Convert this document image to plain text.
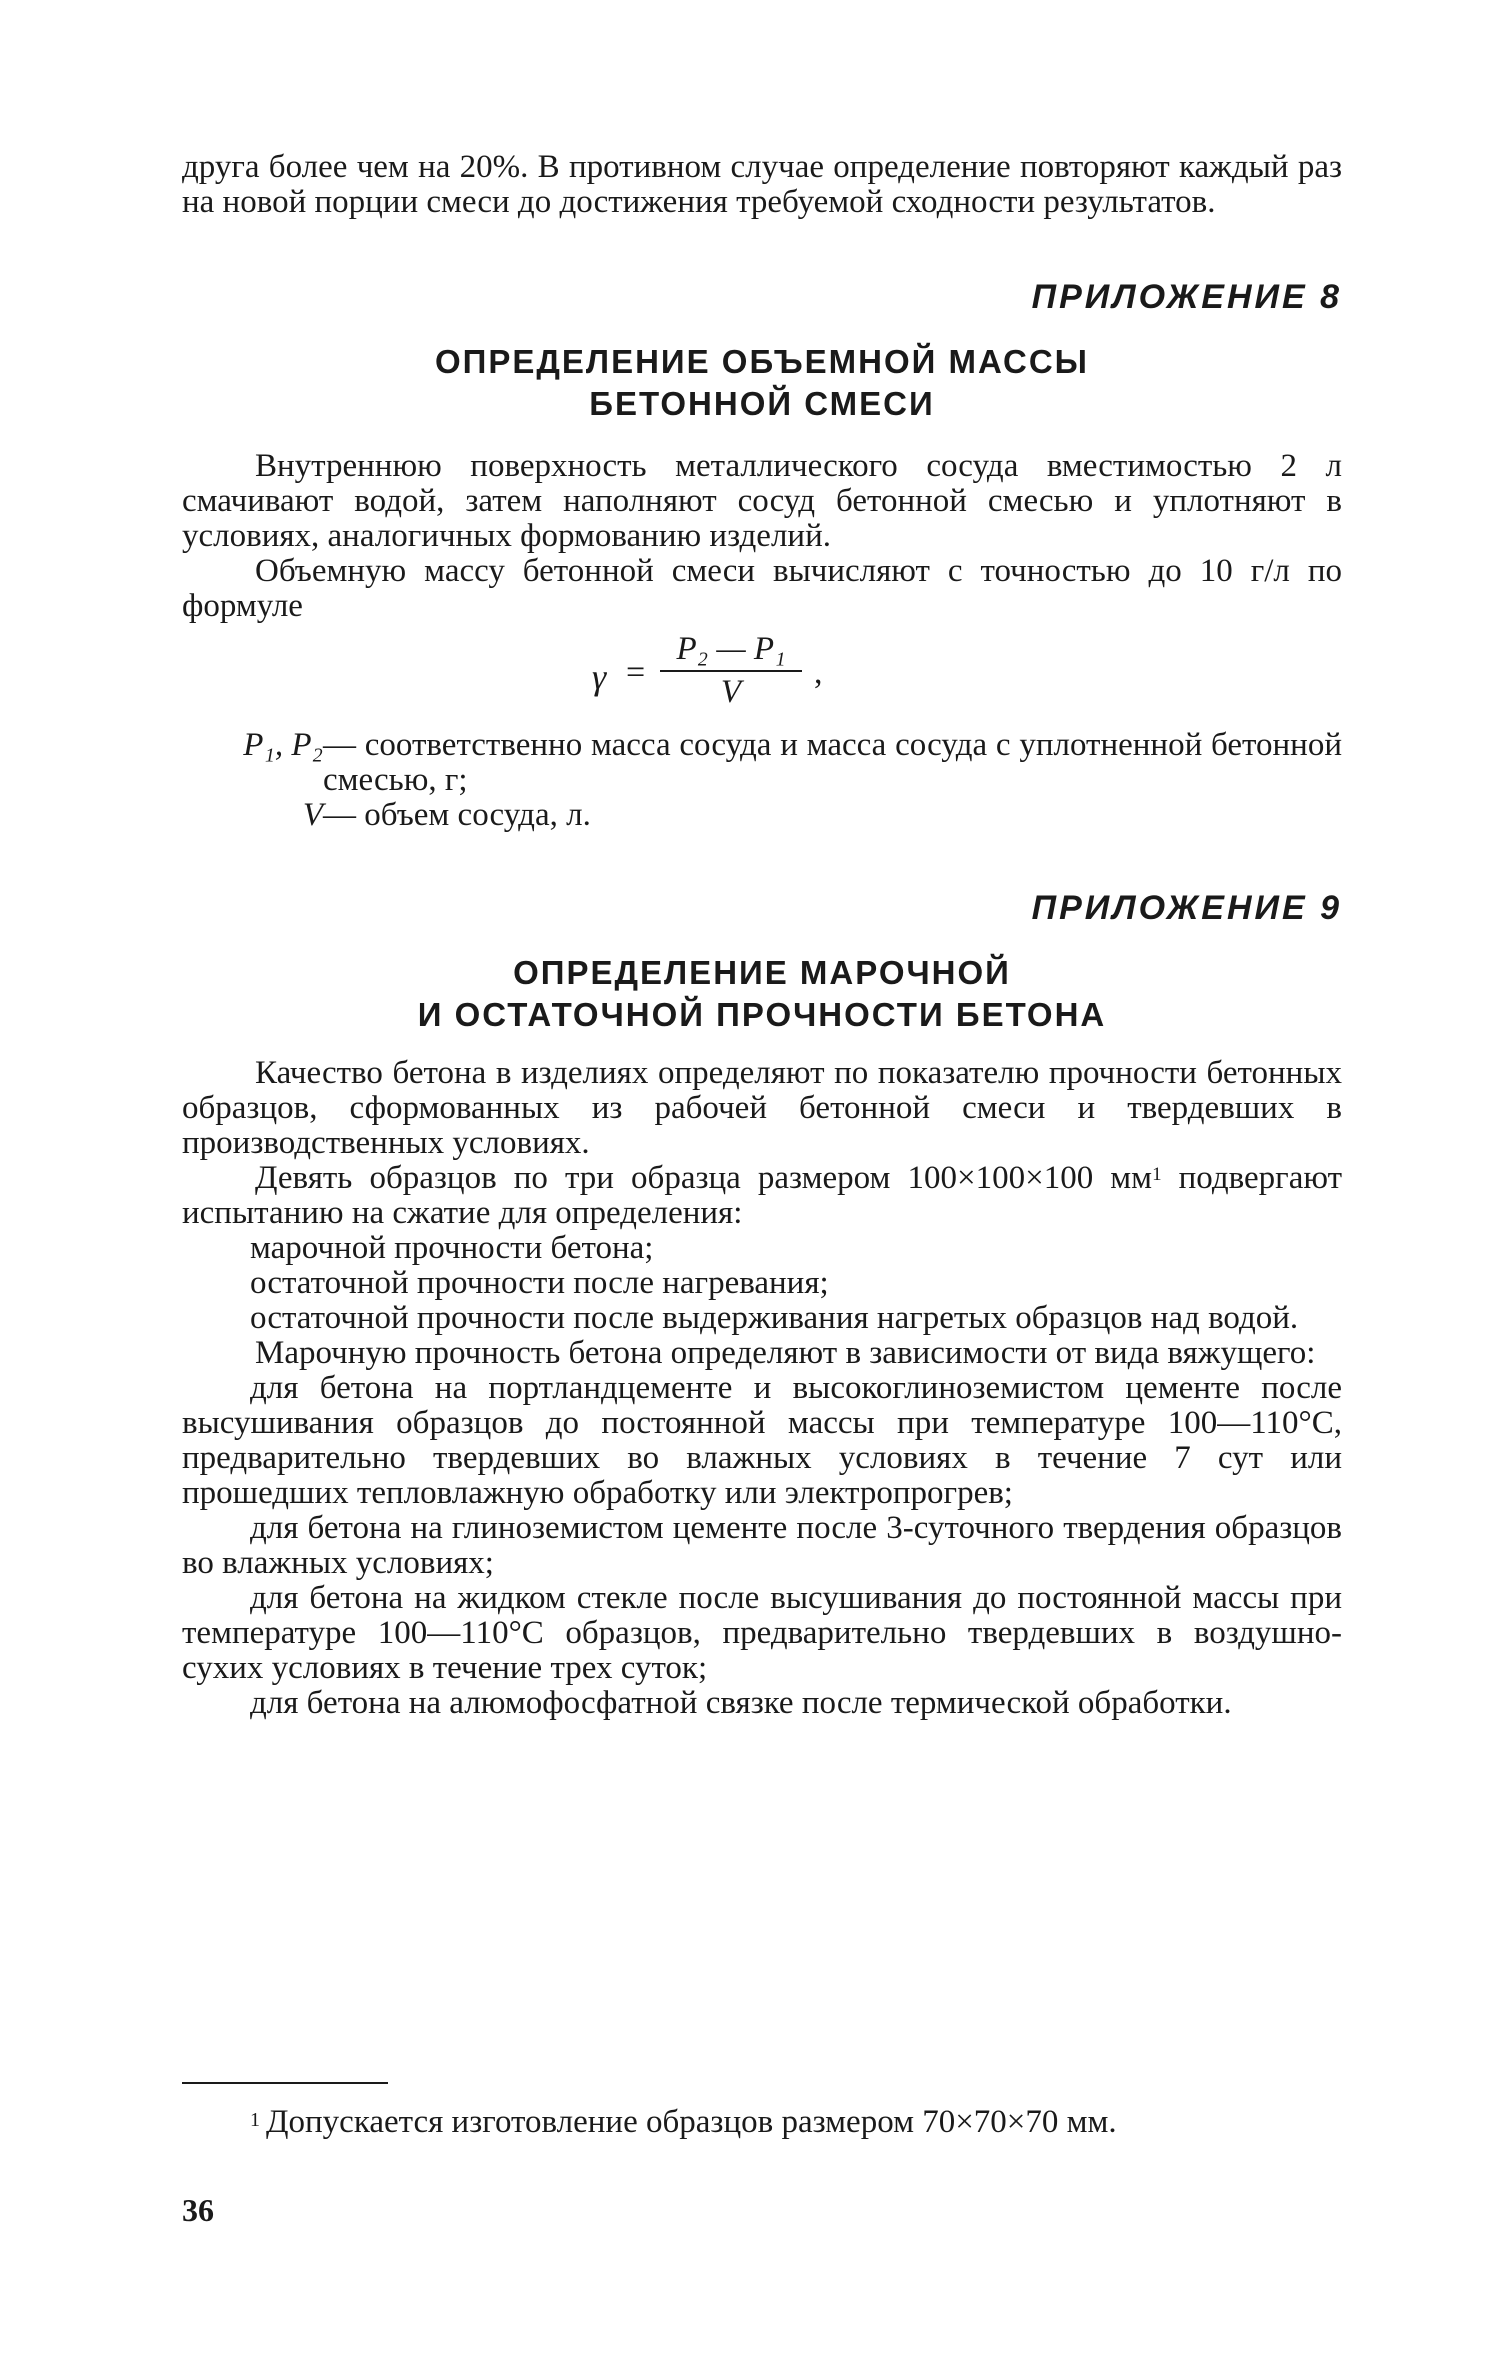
друга более чем на 20%. В противном случае определение повторяют каждый раз на новой порции смеси до достижения требуемой сходности результатов.

ПРИЛОЖЕНИЕ 8

ОПРЕДЕЛЕНИЕ ОБЪЕМНОЙ МАССЫ

БЕТОННОЙ СМЕСИ

Внутреннюю поверхность металлического сосуда вместимостью 2 л смачивают водой, затем наполняют сосуд бетонной смесью и уплотняют в условиях, аналогичных формованию изделий.

Объемную массу бетонной смеси вычисляют с точностью до 10 г/л по формуле

$\gamma = \frac{\text{P₂ — P₁}}{V}$ ,
P₁, P₂ — соответственно масса сосуда и масса сосуда с уплотненной бетонной смесью, г;
V — объем сосуда, л.

ПРИЛОЖЕНИЕ 9

ОПРЕДЕЛЕНИЕ МАРОЧНОЙ

И ОСТАТОЧНОЙ ПРОЧНОСТИ БЕТОНА

Качество бетона в изделиях определяют по показателю прочности бетонных образцов, сформованных из рабочей бетонной смеси и твердевших в производственных условиях.

Девять образцов по три образца размером 100×100×100 мм$^1$ подвергают испытанию на сжатие для определения:

марочной прочности бетона;

остаточной прочности после нагревания;

остаточной прочности после выдерживания нагретых образцов над водой.

Марочную прочность бетона определяют в зависимости от вида вяжущего:

для бетона на портландцементе и высокоглиноземистом цементе после высушивания образцов до постоянной массы при температуре 100—110°С, предварительно твердевших во влажных условиях в течение 7 сут или прошедших тепловлажную обработку или электропрогрев;

для бетона на глиноземистом цементе после 3-суточного твердения образцов во влажных условиях;

для бетона на жидком стекле после высушивания до постоянной массы при температуре 100—110°С образцов, предварительно твердевших в воздушно-сухих условиях в течение трех суток;

для бетона на алюмофосфатной связке после термической обработки.

$^1$ Допускается изготовление образцов размером 70×70×70 мм.
36
